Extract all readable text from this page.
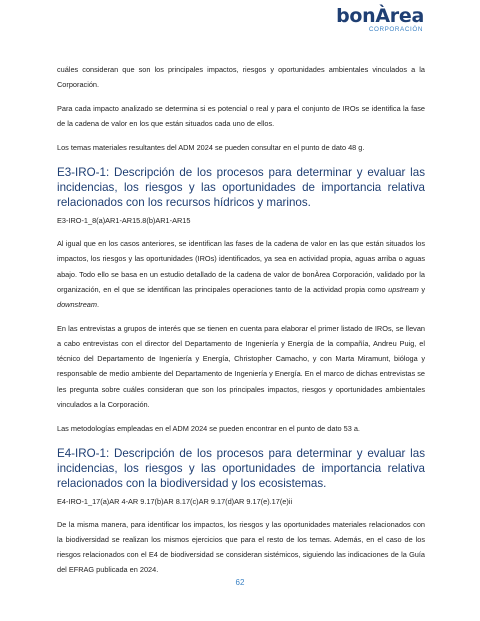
bonÀrea
CORPORACIÓN

cuáles consideran que son los principales impactos, riesgos y oportunidades ambientales vinculados a la Corporación.

Para cada impacto analizado se determina si es potencial o real y para el conjunto de IROs se identifica la fase de la cadena de valor en los que están situados cada uno de ellos.

Los temas materiales resultantes del ADM 2024 se pueden consultar en el punto de dato 48 g.

E3-IRO-1: Descripción de los procesos para determinar y evaluar las incidencias, los riesgos y las oportunidades de importancia relativa relacionados con los recursos hídricos y marinos.
E3-IRO-1_8(a)AR1-AR15.8(b)AR1-AR15

Al igual que en los casos anteriores, se identifican las fases de la cadena de valor en las que están situados los impactos, los riesgos y las oportunidades (IROs) identificados, ya sea en actividad propia, aguas arriba o aguas abajo. Todo ello se basa en un estudio detallado de la cadena de valor de bonÀrea Corporación, validado por la organización, en el que se identifican las principales operaciones tanto de la actividad propia como upstream y downstream.

En las entrevistas a grupos de interés que se tienen en cuenta para elaborar el primer listado de IROs, se llevan a cabo entrevistas con el director del Departamento de Ingeniería y Energía de la compañía, Andreu Puig, el técnico del Departamento de Ingeniería y Energía, Christopher Camacho, y con Marta Miramunt, bióloga y responsable de medio ambiente del Departamento de Ingeniería y Energía. En el marco de dichas entrevistas se les pregunta sobre cuáles consideran que son los principales impactos, riesgos y oportunidades ambientales vinculados a la Corporación.

Las metodologías empleadas en el ADM 2024 se pueden encontrar en el punto de dato 53 a.

E4-IRO-1: Descripción de los procesos para determinar y evaluar las incidencias, los riesgos y las oportunidades de importancia relativa relacionados con la biodiversidad y los ecosistemas.
E4-IRO-1_17(a)AR 4-AR 9.17(b)AR 8.17(c)AR 9.17(d)AR 9.17(e).17(e)ii

De la misma manera, para identificar los impactos, los riesgos y las oportunidades materiales relacionados con la biodiversidad se realizan los mismos ejercicios que para el resto de los temas. Además, en el caso de los riesgos relacionados con el E4 de biodiversidad se consideran sistémicos, siguiendo las indicaciones de la Guía del EFRAG publicada en 2024.

62
